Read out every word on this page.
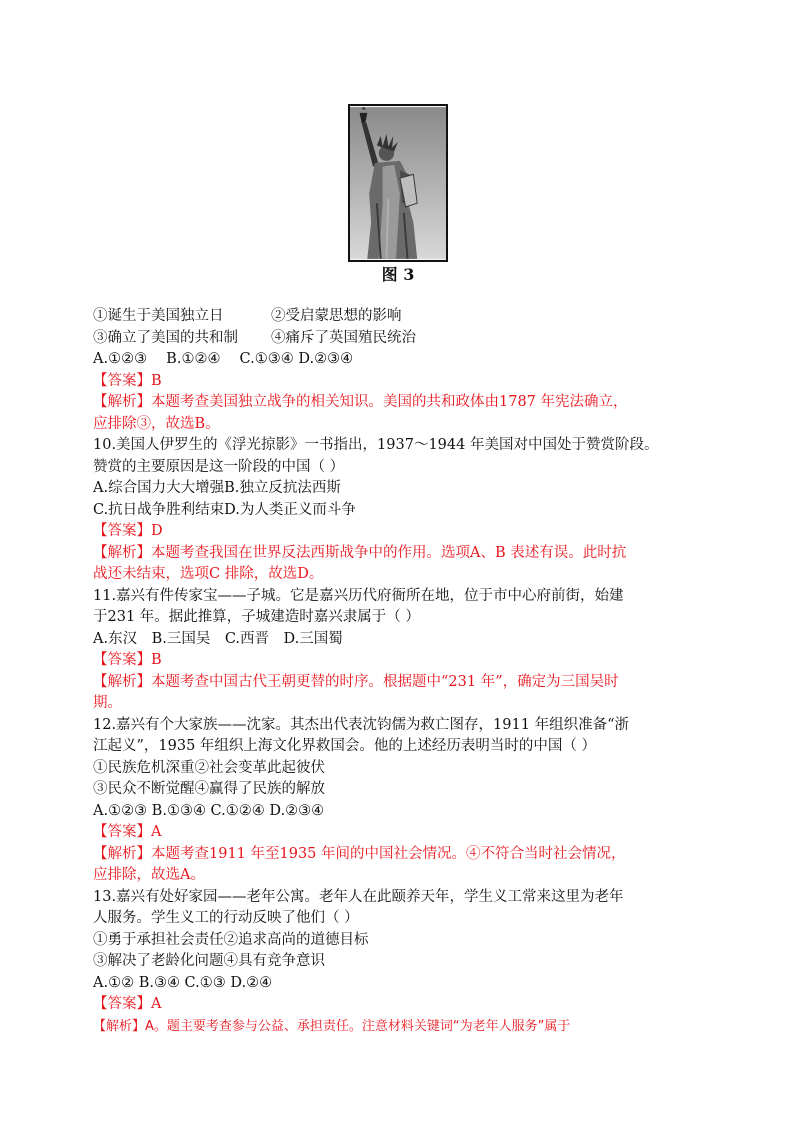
图 3
①诞生于美国独立日	②受启蒙思想的影响
③确立了美国的共和制 ④痛斥了英国殖民统治
A.①②③　 B.①②④　 C.①③④ D.②③④
【答案】B
【解析】本题考查美国独立战争的相关知识。美国的共和政体由1787 年宪法确立，
应排除③，故选B。
10.美国人伊罗生的《浮光掠影》一书指出，1937～1944 年美国对中国处于赞赏阶段。
赞赏的主要原因是这一阶段的中国（ ）
A.综合国力大大增强B.独立反抗法西斯
C.抗日战争胜利结束D.为人类正义而斗争
【答案】D
【解析】本题考查我国在世界反法西斯战争中的作用。选项A、B 表述有误。此时抗
战还未结束，选项C 排除，故选D。
11.嘉兴有件传家宝——子城。它是嘉兴历代府衙所在地，位于市中心府前街，始建
于231 年。据此推算，子城建造时嘉兴隶属于（ ）
A.东汉　B.三国吴　C.西晋　D.三国蜀
【答案】B
【解析】本题考查中国古代王朝更替的时序。根据题中“231 年”，确定为三国吴时
期。
12.嘉兴有个大家族——沈家。其杰出代表沈钧儒为救亡图存，1911 年组织准备“浙
江起义”，1935 年组织上海文化界救国会。他的上述经历表明当时的中国（ ）
①民族危机深重②社会变革此起彼伏
③民众不断觉醒④赢得了民族的解放
A.①②③ B.①③④ C.①②④ D.②③④
【答案】A
【解析】本题考查1911 年至1935 年间的中国社会情况。④不符合当时社会情况，
应排除，故选A。
13.嘉兴有处好家园——老年公寓。老年人在此颐养天年，学生义工常来这里为老年
人服务。学生义工的行动反映了他们（ ）
①勇于承担社会责任②追求高尚的道德目标
③解决了老龄化问题④具有竞争意识
A.①② B.③④ C.①③ D.②④
【答案】A
【解析】A。题主要考查参与公益、承担责任。注意材料关键词“为老年人服务”属于
